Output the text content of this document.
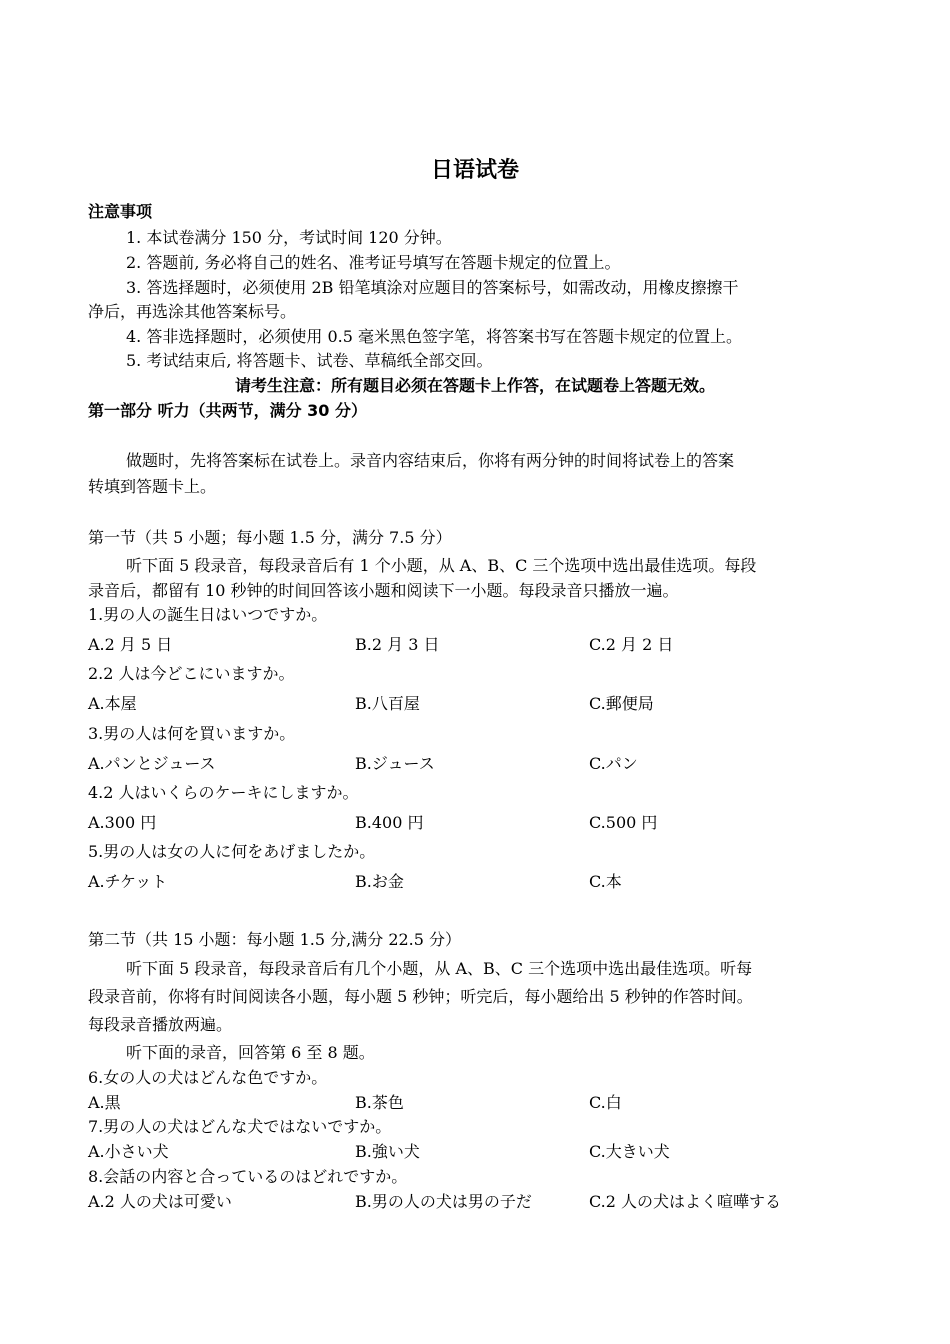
日语试卷
注意事项
1. 本试卷满分 150 分，考试时间 120 分钟。
2. 答题前, 务必将自己的姓名、准考证号填写在答题卡规定的位置上。
3. 答选择题时，必须使用 2B 铅笔填涂对应题目的答案标号，如需改动，用橡皮擦擦干
净后，再选涂其他答案标号。
4. 答非选择题时，必须使用 0.5 毫米黑色签字笔，将答案书写在答题卡规定的位置上。
5. 考试结束后, 将答题卡、试卷、草稿纸全部交回。
请考生注意：所有题目必须在答题卡上作答，在试题卷上答题无效。
第一部分 听力（共两节，满分 30 分）
做题时，先将答案标在试卷上。录音内容结束后，你将有两分钟的时间将试卷上的答案
转填到答题卡上。
第一节（共 5 小题；每小题 1.5 分，满分 7.5 分）
听下面 5 段录音，每段录音后有 1 个小题，从 A、B、C 三个选项中选出最佳选项。每段
录音后，都留有 10 秒钟的时间回答该小题和阅读下一小题。每段录音只播放一遍。
1.男の人の誕生日はいつですか。
A.2 月 5 日	B.2 月 3 日	C.2 月 2 日
2.2 人は今どこにいますか。
A.本屋	B.八百屋	C.郵便局
3.男の人は何を買いますか。
A.パンとジュース	B.ジュース	C.パン
4.2 人はいくらのケーキにしますか。
A.300 円	B.400 円	C.500 円
5.男の人は女の人に何をあげましたか。
A.チケット	B.お金	C.本
第二节（共 15 小题：每小题 1.5 分,满分 22.5 分）
听下面 5 段录音，每段录音后有几个小题，从 A、B、C 三个选项中选出最佳选项。听每
段录音前，你将有时间阅读各小题，每小题 5 秒钟；听完后，每小题给出 5 秒钟的作答时间。
每段录音播放两遍。
听下面的录音，回答第 6 至 8 题。
6.女の人の犬はどんな色ですか。
A.黒	B.茶色	C.白
7.男の人の犬はどんな犬ではないですか。
A.小さい犬	B.強い犬	C.大きい犬
8.会話の内容と合っているのはどれですか。
A.2 人の犬は可愛い	B.男の人の犬は男の子だ	C.2 人の犬はよく喧嘩する
